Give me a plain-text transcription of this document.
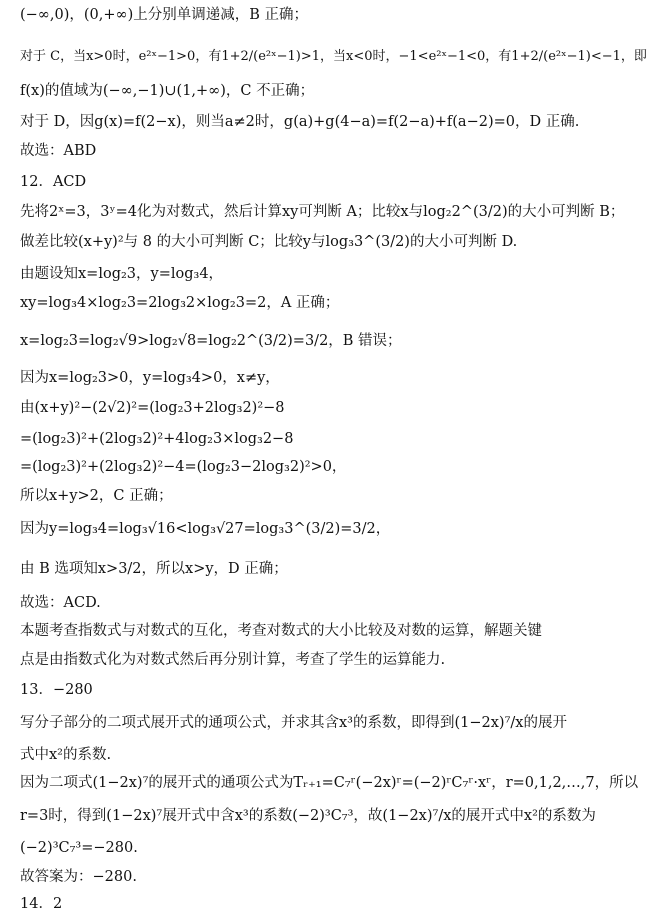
(−∞,0)，(0,+∞)上分别单调递减，B 正确；
对于 C，当x>0时，e²ˣ−1>0，有1+2/(e²ˣ−1)>1，当x<0时，−1<e²ˣ−1<0，有1+2/(e²ˣ−1)<−1，即
f(x)的值域为(−∞,−1)∪(1,+∞)，C 不正确；
对于 D，因g(x)=f(2−x)，则当a≠2时，g(a)+g(4−a)=f(2−a)+f(a−2)=0，D 正确.
故选：ABD
12．ACD
先将2ˣ=3，3ʸ=4化为对数式，然后计算xy可判断 A；比较x与log₂2^(3/2)的大小可判断 B；
做差比较(x+y)²与 8 的大小可判断 C；比较y与log₃3^(3/2)的大小可判断 D.
由题设知x=log₂3，y=log₃4，
xy=log₃4×log₂3=2log₃2×log₂3=2，A 正确；
x=log₂3=log₂√9>log₂√8=log₂2^(3/2)=3/2，B 错误；
因为x=log₂3>0，y=log₃4>0，x≠y，
由(x+y)²−(2√2)²=(log₂3+2log₃2)²−8
=(log₂3)²+(2log₃2)²+4log₂3×log₃2−8
=(log₂3)²+(2log₃2)²−4=(log₂3−2log₃2)²>0，
所以x+y>2，C 正确；
因为y=log₃4=log₃√16<log₃√27=log₃3^(3/2)=3/2，
由 B 选项知x>3/2，所以x>y，D 正确；
故选：ACD.
本题考查指数式与对数式的互化，考查对数式的大小比较及对数的运算，解题关键
点是由指数式化为对数式然后再分别计算，考查了学生的运算能力.
13．−280
写分子部分的二项式展开式的通项公式，并求其含x³的系数，即得到(1−2x)⁷/x的展开
式中x²的系数.
因为二项式(1−2x)⁷的展开式的通项公式为Tᵣ₊₁=C₇ʳ(−2x)ʳ=(−2)ʳC₇ʳ·xʳ，r=0,1,2,…,7，所以
r=3时，得到(1−2x)⁷展开式中含x³的系数(−2)³C₇³，故(1−2x)⁷/x的展开式中x²的系数为
(−2)³C₇³=−280.
故答案为：−280.
14．2
